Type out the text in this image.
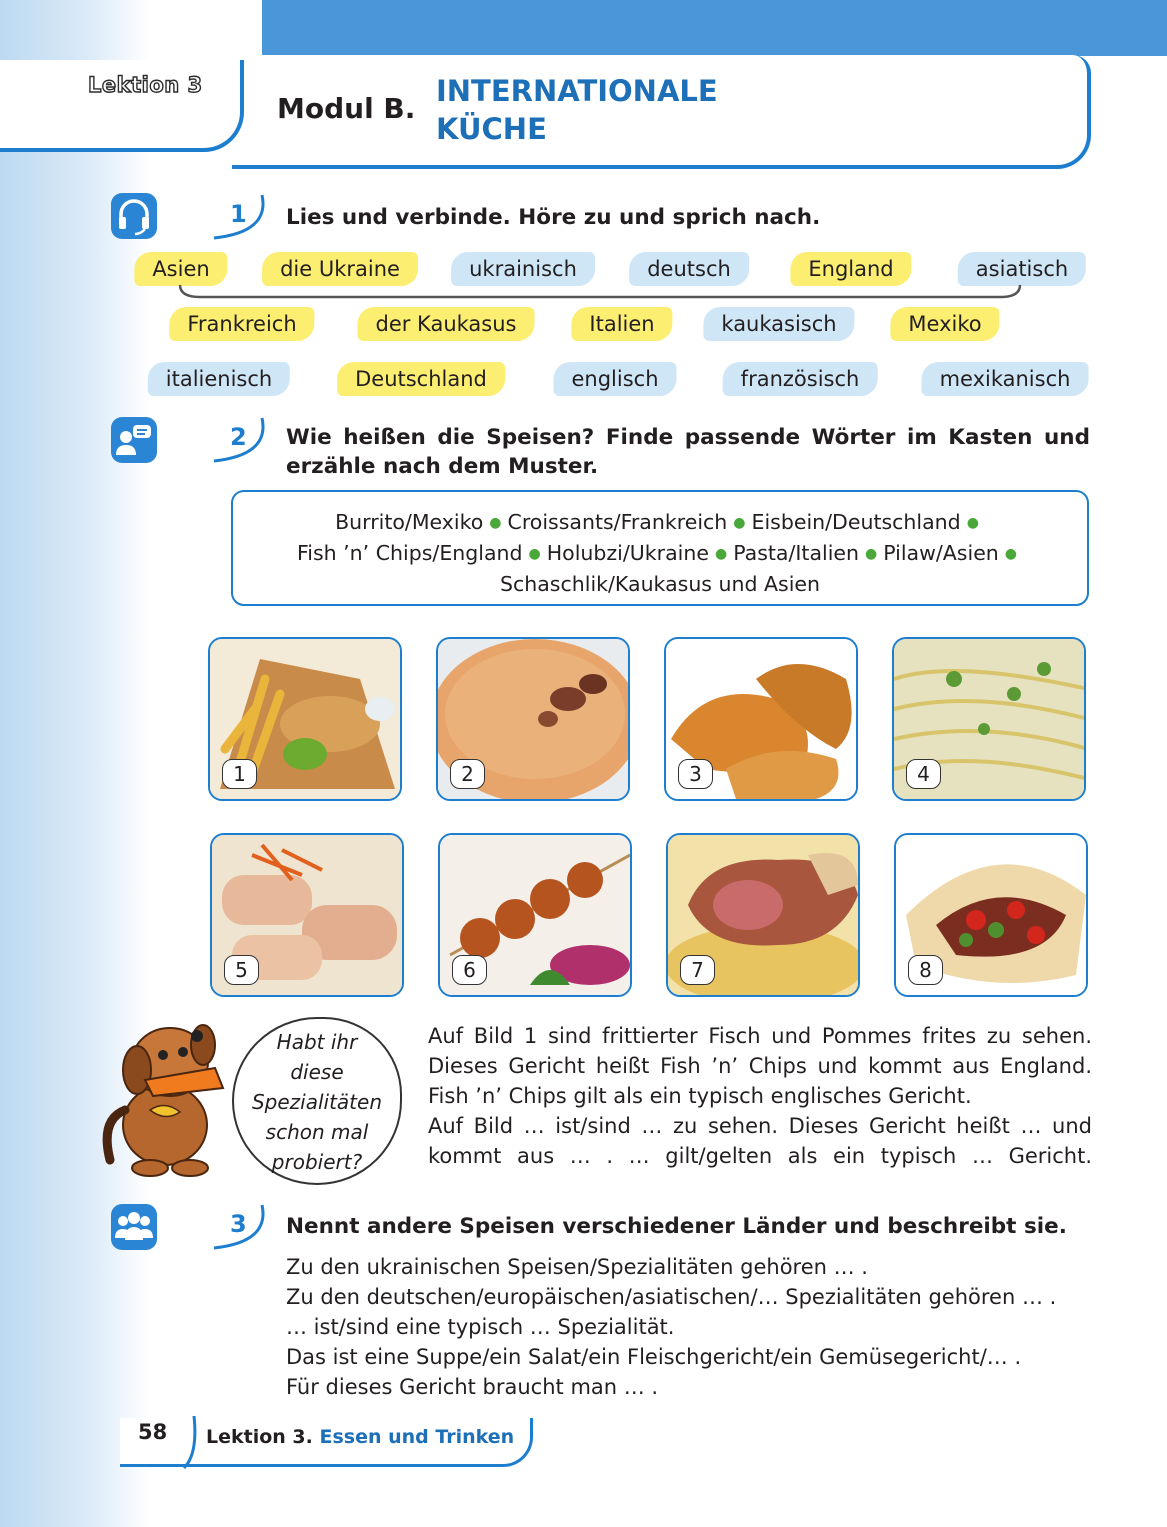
Lektion 3
Modul B.
INTERNATIONALE
KÜCHE
1 Lies und verbinde. Höre zu und sprich nach.
Asien	die Ukraine	ukrainisch	deutsch	England	asiatisch
Frankreich	der Kaukasus	Italien	kaukasisch	Mexiko
italienisch	Deutschland	englisch	französisch	mexikanisch
2 Wie heißen die Speisen? Finde passende Wörter im Kasten und
erzähle nach dem Muster.
Burrito/Mexiko ● Croissants/Frankreich ● Eisbein/Deutschland ●
Fish ’n’ Chips/England ● Holubzi/Ukraine ● Pasta/Italien ● Pilaw/Asien ●
Schaschlik/Kaukasus und Asien
1	2	3	4
5	6	7	8
Habt ihr
diese
Spezialitäten
schon mal
probiert?
Auf Bild 1 sind frittierter Fisch und Pommes frites zu sehen.
Dieses Gericht heißt Fish ’n’ Chips und kommt aus England.
Fish ’n’ Chips gilt als ein typisch englisches Gericht.
Auf Bild … ist/sind … zu sehen. Dieses Gericht heißt … und
kommt aus … . … gilt/gelten als ein typisch … Gericht.
3 Nennt andere Speisen verschiedener Länder und beschreibt sie.
Zu den ukrainischen Speisen/Spezialitäten gehören … .
Zu den deutschen/europäischen/asiatischen/… Spezialitäten gehören … .
… ist/sind eine typisch … Spezialität.
Das ist eine Suppe/ein Salat/ein Fleischgericht/ein Gemüsegericht/… .
Für dieses Gericht braucht man … .
58 Lektion 3. Essen und Trinken
